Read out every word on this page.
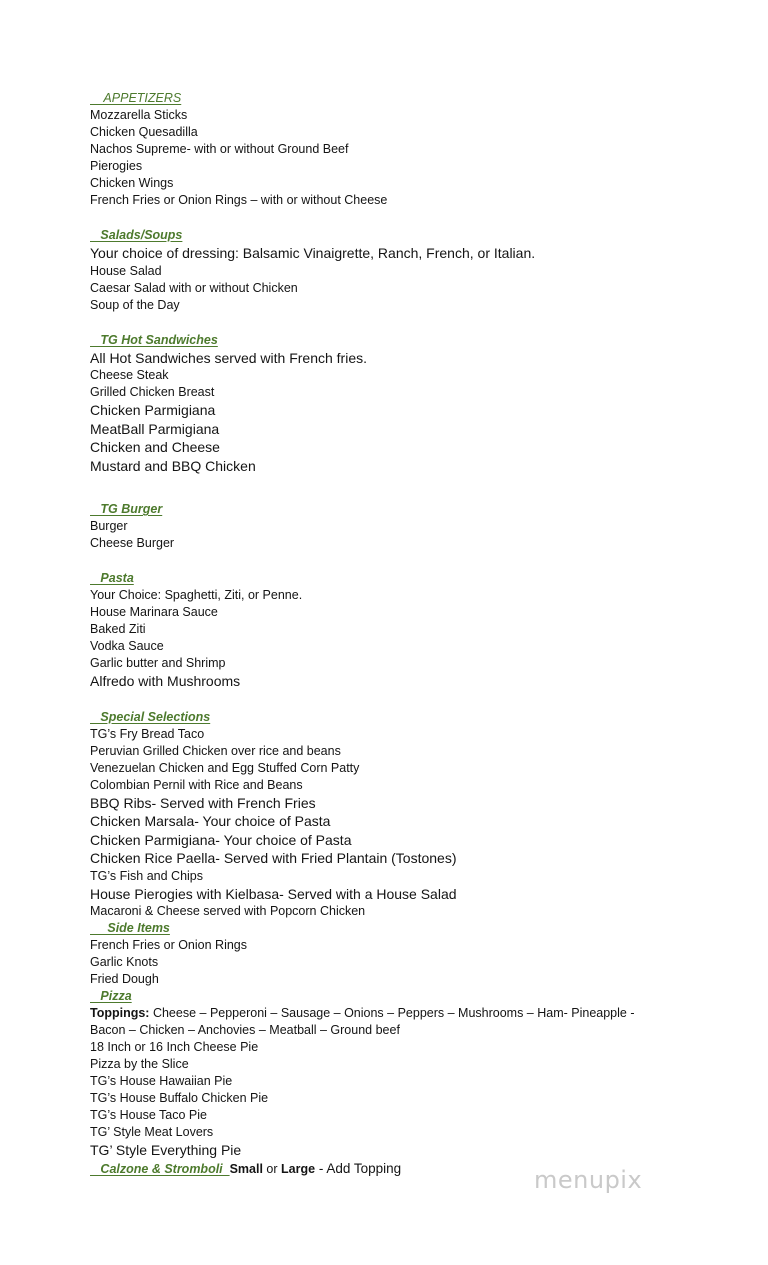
APPETIZERS
Mozzarella Sticks
Chicken Quesadilla
Nachos Supreme- with or without Ground Beef
Pierogies
Chicken Wings
French Fries or Onion Rings – with or without Cheese
Salads/Soups
Your choice of dressing: Balsamic Vinaigrette, Ranch, French, or Italian.
House Salad
Caesar Salad with or without Chicken
Soup of the Day
TG Hot Sandwiches
All Hot Sandwiches served with French fries.
Cheese Steak
Grilled Chicken Breast
Chicken Parmigiana
MeatBall Parmigiana
Chicken and Cheese
Mustard and BBQ Chicken
TG Burger
Burger
Cheese Burger
Pasta
Your Choice: Spaghetti, Ziti, or Penne.
House Marinara Sauce
Baked Ziti
Vodka Sauce
Garlic butter and Shrimp
Alfredo with Mushrooms
Special Selections
TG’s Fry Bread Taco
Peruvian Grilled Chicken over rice and beans
Venezuelan Chicken and Egg Stuffed Corn Patty
Colombian Pernil with Rice and Beans
BBQ Ribs- Served with French Fries
Chicken Marsala- Your choice of Pasta
Chicken Parmigiana- Your choice of Pasta
Chicken Rice Paella- Served with Fried Plantain (Tostones)
TG’s Fish and Chips
House Pierogies with Kielbasa- Served with a House Salad
Macaroni & Cheese served with Popcorn Chicken
Side Items
French Fries or Onion Rings
Garlic Knots
Fried Dough
Pizza
Toppings: Cheese – Pepperoni – Sausage – Onions – Peppers – Mushrooms – Ham- Pineapple -
Bacon – Chicken – Anchovies – Meatball – Ground beef
18 Inch or 16 Inch Cheese Pie
Pizza by the Slice
TG’s House Hawaiian Pie
TG’s House Buffalo Chicken Pie
TG’s House Taco Pie
TG’ Style Meat Lovers
TG’ Style Everything Pie
Calzone & Stromboli  Small or Large - Add Topping	menupix
